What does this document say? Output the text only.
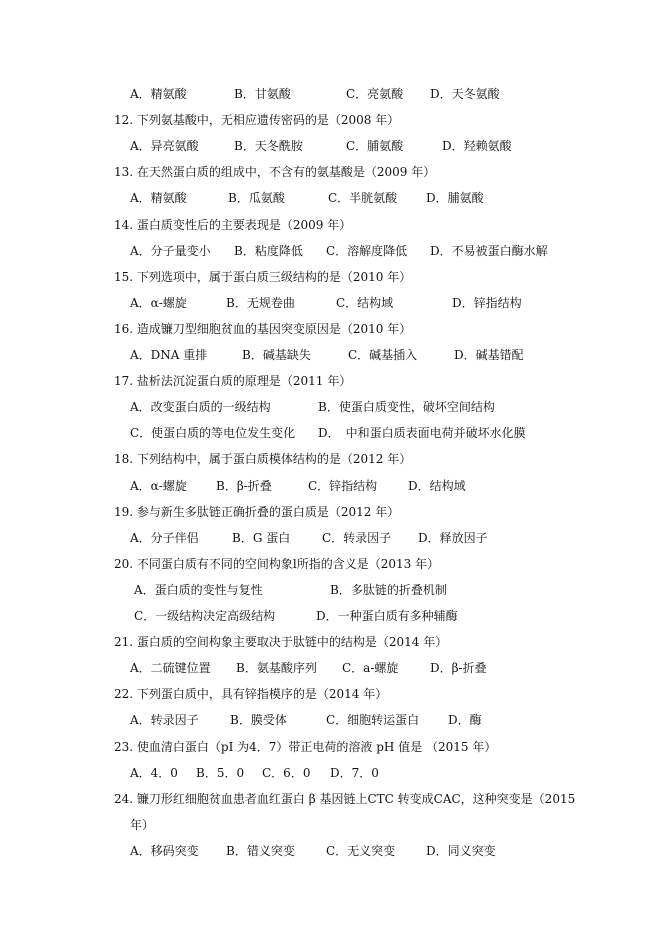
A．精氨酸	B．甘氨酸	C．亮氨酸 D．天冬氨酸
12. 下列氨基酸中，无相应遗传密码的是（2008 年）
A．异亮氨酸	B．天冬酰胺	C．脯氨酸	D．羟赖氨酸
13. 在天然蛋白质的组成中，不含有的氨基酸是（2009 年）
A．精氨酸	B．瓜氨酸	C．半胱氨酸 D．脯氨酸
14. 蛋白质变性后的主要表现是（2009 年）
A．分子量变小 B．粘度降低 C．溶解度降低 D．不易被蛋白酶水解
15. 下列选项中，属于蛋白质三级结构的是（2010 年）
A．α-螺旋	B．无规卷曲	C．结构域	D．锌指结构
16. 造成镰刀型细胞贫血的基因突变原因是（2010 年）
A．DNA 重排	B．碱基缺失	C．碱基插入	D．碱基错配
17. 盐析法沉淀蛋白质的原理是（2011 年）
A．改变蛋白质的一级结构	B．使蛋白质变性，破坏空间结构
C．使蛋白质的等电位发生变化 D．　中和蛋白质表面电荷并破坏水化膜
18. 下列结构中，属于蛋白质模体结构的是（2012 年）
A．α-螺旋 B．β-折叠	C．锌指结构	D．结构域
19. 参与新生多肽链正确折叠的蛋白质是（2012 年）
A．分子伴侣	B．G 蛋白	C．转录因子 D．释放因子
20. 不同蛋白质有不同的空间构象l所指的含义是（2013 年）
A．蛋白质的变性与复性	B．多肽链的折叠机制
C．一级结构决定高级结构	D．一种蛋白质有多种辅酶
21. 蛋白质的空间构象主要取决于肽链中的结构是（2014 年）
A．二硫键位置 B．氨基酸序列 C．a-螺旋	D．β-折叠
22. 下列蛋白质中，具有锌指模序的是（2014 年）
A．转录因子	B．膜受体	C．细胞转运蛋白 D．酶
23. 使血清白蛋白（pI 为4．7）带正电荷的溶液 pH 值是 （2015 年）
A．4．0 B．5．0 C．6．0 D．7．0
24. 镰刀形红细胞贫血患者血红蛋白 β 基因链上CTC 转变成CAC，这种突变是（2015
年）
A．移码突变 B．错义突变	C．无义突变	D．同义突变
